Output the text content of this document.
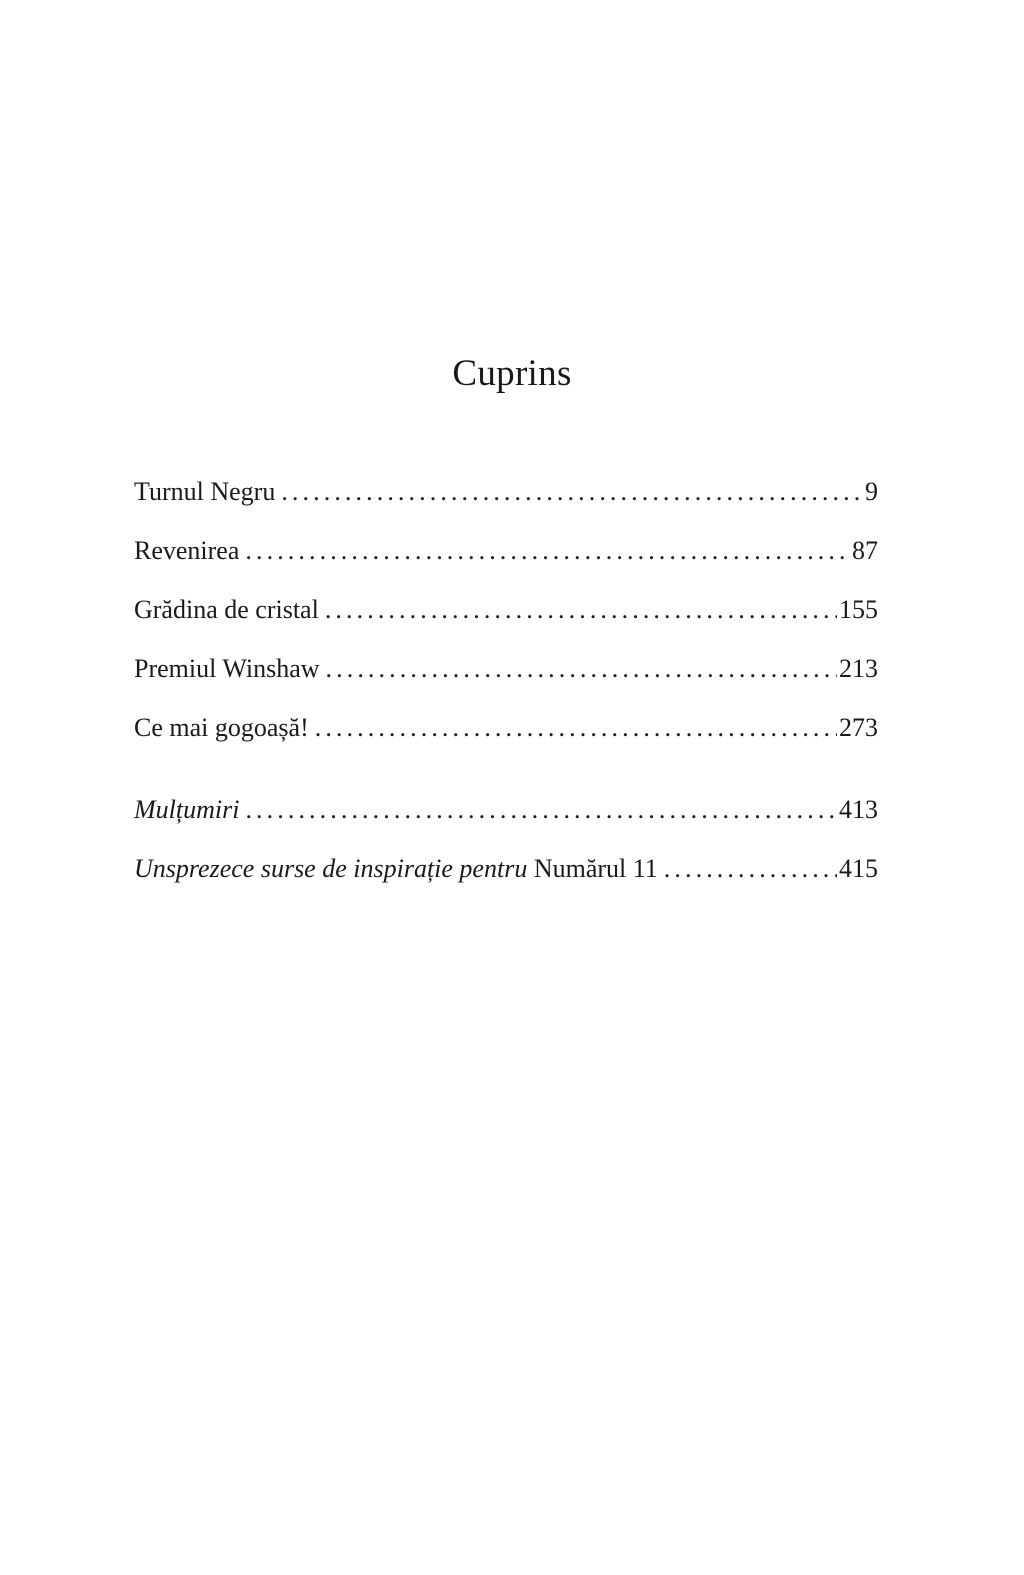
Cuprins
Turnul Negru . . .	9
Revenirea . . .	87
Grădina de cristal . . .	155
Premiul Winshaw . . .	213
Ce mai gogoașă! . . .	273
Mulțumiri . . .	413
Unsprezece surse de inspirație pentru Numărul 11 . . .	415
